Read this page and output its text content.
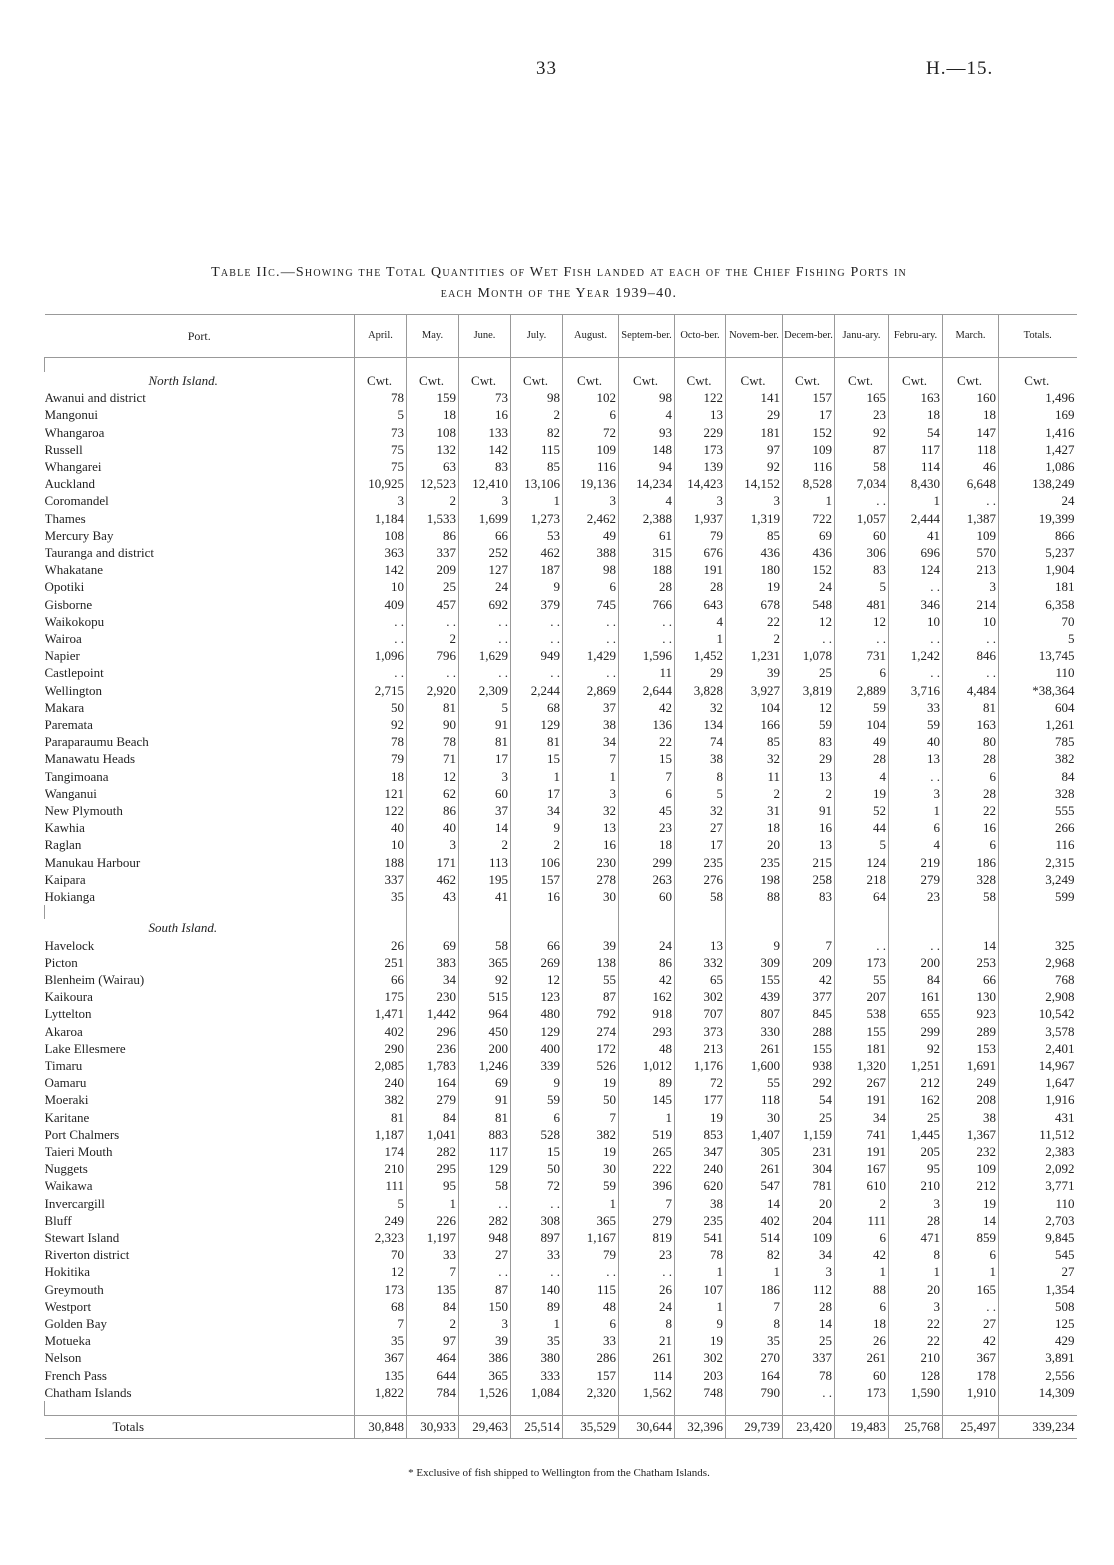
33	H.—15.
Table IIc.—Showing the Total Quantities of Wet Fish landed at each of the Chief Fishing Ports in
each Month of the Year 1939–40.
Port.	April.	May.	June.	July.	August.	Septem-ber.	Octo-ber.	Novem-ber.	Decem-ber.	Janu-ary.	Febru-ary.	March.	Totals.

North Island.	Cwt.	Cwt.	Cwt.	Cwt.	Cwt.	Cwt.	Cwt.	Cwt.	Cwt.	Cwt.	Cwt.	Cwt.	Cwt.
Awanui and district	78	159	73	98	102	98	122	141	157	165	163	160	1,496
Mangonui	5	18	16	2	6	4	13	29	17	23	18	18	169
Whangaroa	73	108	133	82	72	93	229	181	152	92	54	147	1,416
Russell	75	132	142	115	109	148	173	97	109	87	117	118	1,427
Whangarei	75	63	83	85	116	94	139	92	116	58	114	46	1,086
Auckland	10,925	12,523	12,410	13,106	19,136	14,234	14,423	14,152	8,528	7,034	8,430	6,648	138,249
Coromandel	3	2	3	1	3	4	3	3	1	. .	1	. .	24
Thames	1,184	1,533	1,699	1,273	2,462	2,388	1,937	1,319	722	1,057	2,444	1,387	19,399
Mercury Bay	108	86	66	53	49	61	79	85	69	60	41	109	866
Tauranga and district	363	337	252	462	388	315	676	436	436	306	696	570	5,237
Whakatane	142	209	127	187	98	188	191	180	152	83	124	213	1,904
Opotiki	10	25	24	9	6	28	28	19	24	5	. .	3	181
Gisborne	409	457	692	379	745	766	643	678	548	481	346	214	6,358
Waikokopu	. .	. .	. .	. .	. .	. .	4	22	12	12	10	10	70
Wairoa	. .	2	. .	. .	. .	. .	1	2	. .	. .	. .	. .	5
Napier	1,096	796	1,629	949	1,429	1,596	1,452	1,231	1,078	731	1,242	846	13,745
Castlepoint	. .	. .	. .	. .	. .	11	29	39	25	6	. .	. .	110
Wellington	2,715	2,920	2,309	2,244	2,869	2,644	3,828	3,927	3,819	2,889	3,716	4,484	*38,364
Makara	50	81	5	68	37	42	32	104	12	59	33	81	604
Paremata	92	90	91	129	38	136	134	166	59	104	59	163	1,261
Paraparaumu Beach	78	78	81	81	34	22	74	85	83	49	40	80	785
Manawatu Heads	79	71	17	15	7	15	38	32	29	28	13	28	382
Tangimoana	18	12	3	1	1	7	8	11	13	4	. .	6	84
Wanganui	121	62	60	17	3	6	5	2	2	19	3	28	328
New Plymouth	122	86	37	34	32	45	32	31	91	52	1	22	555
Kawhia	40	40	14	9	13	23	27	18	16	44	6	16	266
Raglan	10	3	2	2	16	18	17	20	13	5	4	6	116
Manukau Harbour	188	171	113	106	230	299	235	235	215	124	219	186	2,315
Kaipara	337	462	195	157	278	263	276	198	258	218	279	328	3,249
Hokianga	35	43	41	16	30	60	58	88	83	64	23	58	599

South Island.													
Havelock	26	69	58	66	39	24	13	9	7	. .	. .	14	325
Picton	251	383	365	269	138	86	332	309	209	173	200	253	2,968
Blenheim (Wairau)	66	34	92	12	55	42	65	155	42	55	84	66	768
Kaikoura	175	230	515	123	87	162	302	439	377	207	161	130	2,908
Lyttelton	1,471	1,442	964	480	792	918	707	807	845	538	655	923	10,542
Akaroa	402	296	450	129	274	293	373	330	288	155	299	289	3,578
Lake Ellesmere	290	236	200	400	172	48	213	261	155	181	92	153	2,401
Timaru	2,085	1,783	1,246	339	526	1,012	1,176	1,600	938	1,320	1,251	1,691	14,967
Oamaru	240	164	69	9	19	89	72	55	292	267	212	249	1,647
Moeraki	382	279	91	59	50	145	177	118	54	191	162	208	1,916
Karitane	81	84	81	6	7	1	19	30	25	34	25	38	431
Port Chalmers	1,187	1,041	883	528	382	519	853	1,407	1,159	741	1,445	1,367	11,512
Taieri Mouth	174	282	117	15	19	265	347	305	231	191	205	232	2,383
Nuggets	210	295	129	50	30	222	240	261	304	167	95	109	2,092
Waikawa	111	95	58	72	59	396	620	547	781	610	210	212	3,771
Invercargill	5	1	. .	. .	1	7	38	14	20	2	3	19	110
Bluff	249	226	282	308	365	279	235	402	204	111	28	14	2,703
Stewart Island	2,323	1,197	948	897	1,167	819	541	514	109	6	471	859	9,845
Riverton district	70	33	27	33	79	23	78	82	34	42	8	6	545
Hokitika	12	7	. .	. .	. .	. .	1	1	3	1	1	1	27
Greymouth	173	135	87	140	115	26	107	186	112	88	20	165	1,354
Westport	68	84	150	89	48	24	1	7	28	6	3	. .	508
Golden Bay	7	2	3	1	6	8	9	8	14	18	22	27	125
Motueka	35	97	39	35	33	21	19	35	25	26	22	42	429
Nelson	367	464	386	380	286	261	302	270	337	261	210	367	3,891
French Pass	135	644	365	333	157	114	203	164	78	60	128	178	2,556
Chatham Islands	1,822	784	1,526	1,084	2,320	1,562	748	790	. .	173	1,590	1,910	14,309

Totals	30,848	30,933	29,463	25,514	35,529	30,644	32,396	29,739	23,420	19,483	25,768	25,497	339,234
* Exclusive of fish shipped to Wellington from the Chatham Islands.
